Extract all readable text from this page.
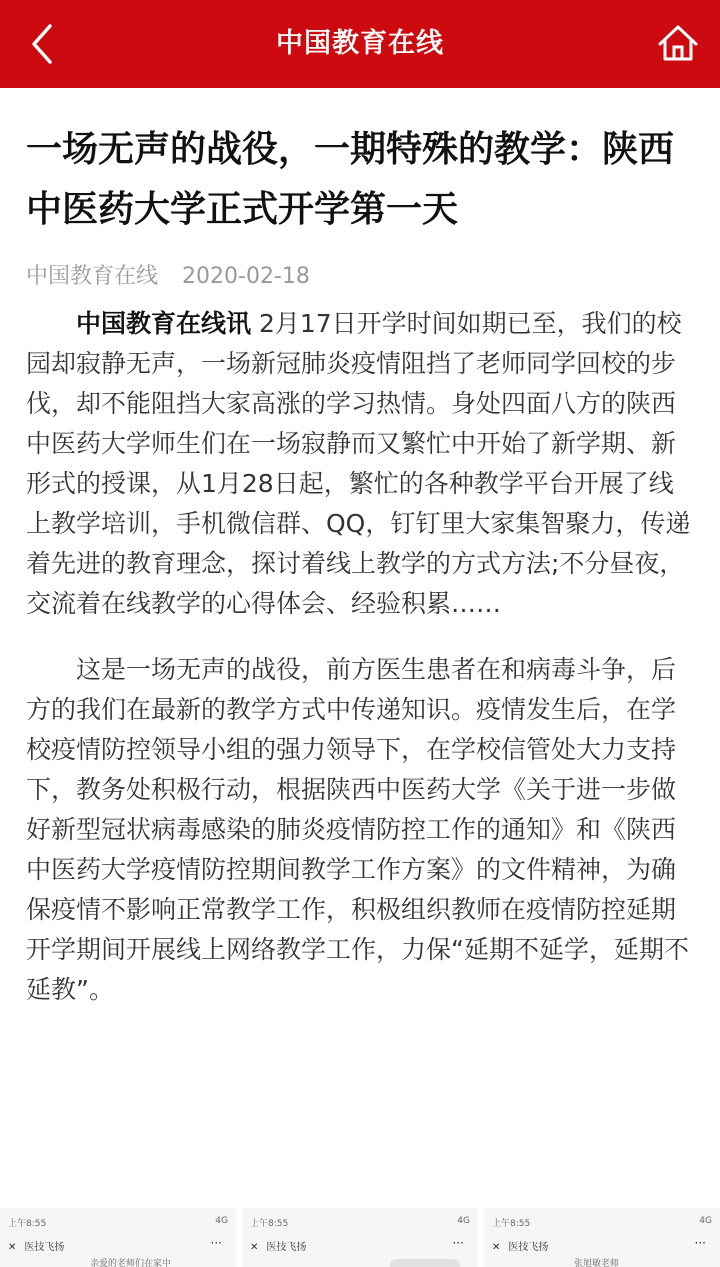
中国教育在线
一场无声的战役，一期特殊的教学：陕西中医药大学正式开学第一天
中国教育在线 2020-02-18

中国教育在线讯 2月17日开学时间如期已至，我们的校园却寂静无声，一场新冠肺炎疫情阻挡了老师同学回校的步伐，却不能阻挡大家高涨的学习热情。身处四面八方的陕西中医药大学师生们在一场寂静而又繁忙中开始了新学期、新形式的授课，从1月28日起，繁忙的各种教学平台开展了线上教学培训，手机微信群、QQ，钉钉里大家集智聚力，传递着先进的教育理念，探讨着线上教学的方式方法;不分昼夜，交流着在线教学的心得体会、经验积累……

这是一场无声的战役，前方医生患者在和病毒斗争，后方的我们在最新的教学方式中传递知识。疫情发生后，在学校疫情防控领导小组的强力领导下，在学校信管处大力支持下，教务处积极行动，根据陕西中医药大学《关于进一步做好新型冠状病毒感染的肺炎疫情防控工作的通知》和《陕西中医药大学疫情防控期间教学工作方案》的文件精神，为确保疫情不影响正常教学工作，积极组织教师在疫情防控延期开学期间开展线上网络教学工作，力保“延期不延学，延期不延教”。

上午8:55	4G
✕ 医技飞扬	···
亲爱的老师们在家中
上午8:55	4G
✕ 医技飞扬	···
上午8:55	4G
✕ 医技飞扬	···
张旭敏老师
